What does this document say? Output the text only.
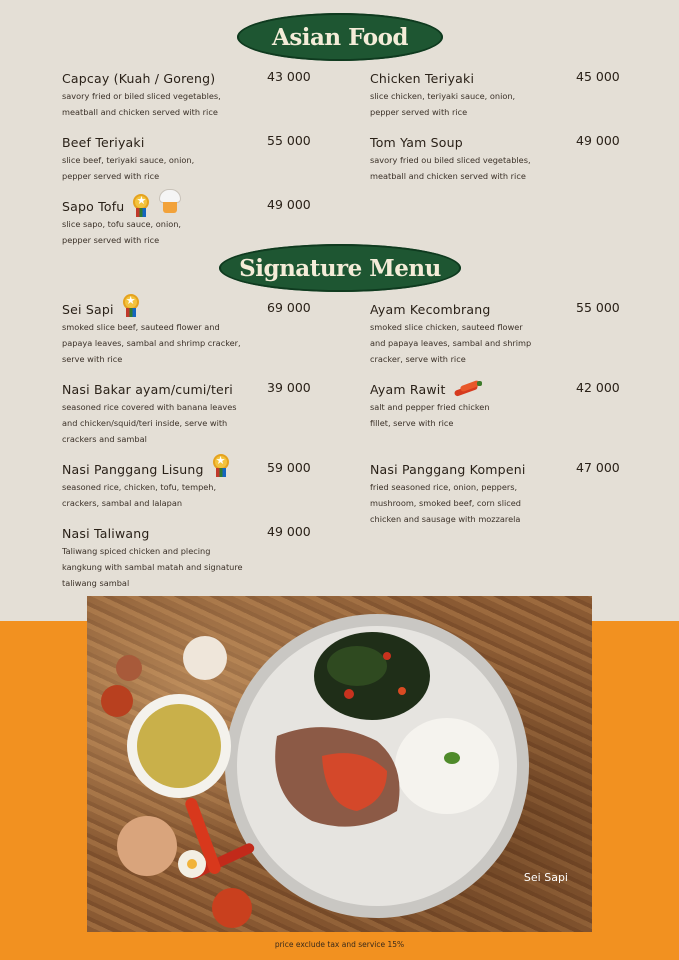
Asian Food
Capcay (Kuah / Goreng)	43 000
savory fried or biled sliced vegetables,
meatball and chicken served with rice
Beef Teriyaki	55 000
slice beef, teriyaki sauce, onion,
pepper served with rice
Sapo Tofu ★	49 000
slice sapo, tofu sauce, onion,
pepper served with rice
Chicken Teriyaki	45 000
slice chicken, teriyaki sauce, onion,
pepper served with rice
Tom Yam Soup	49 000
savory fried ou biled sliced vegetables,
meatball and chicken served with rice
Signature Menu
Sei Sapi ★	69 000
smoked slice beef, sauteed flower and
papaya leaves, sambal and shrimp cracker,
serve with rice
Nasi Bakar ayam/cumi/teri	39 000
seasoned rice covered with banana leaves
and chicken/squid/teri inside, serve with
crackers and sambal
Nasi Panggang Lisung ★	59 000
seasoned rice, chicken, tofu, tempeh,
crackers, sambal and lalapan
Nasi Taliwang	49 000
Taliwang spiced chicken and plecing
kangkung with sambal matah and signature
taliwang sambal
Ayam Kecombrang	55 000
smoked slice chicken, sauteed flower
and papaya leaves, sambal and shrimp
cracker, serve with rice
Ayam Rawit	42 000
salt and pepper fried chicken
fillet, serve with rice
Nasi Panggang Kompeni	47 000
fried seasoned rice, onion, peppers,
mushroom, smoked beef, corn sliced
chicken and sausage with mozzarela
Sei Sapi
price exclude tax and service 15%
